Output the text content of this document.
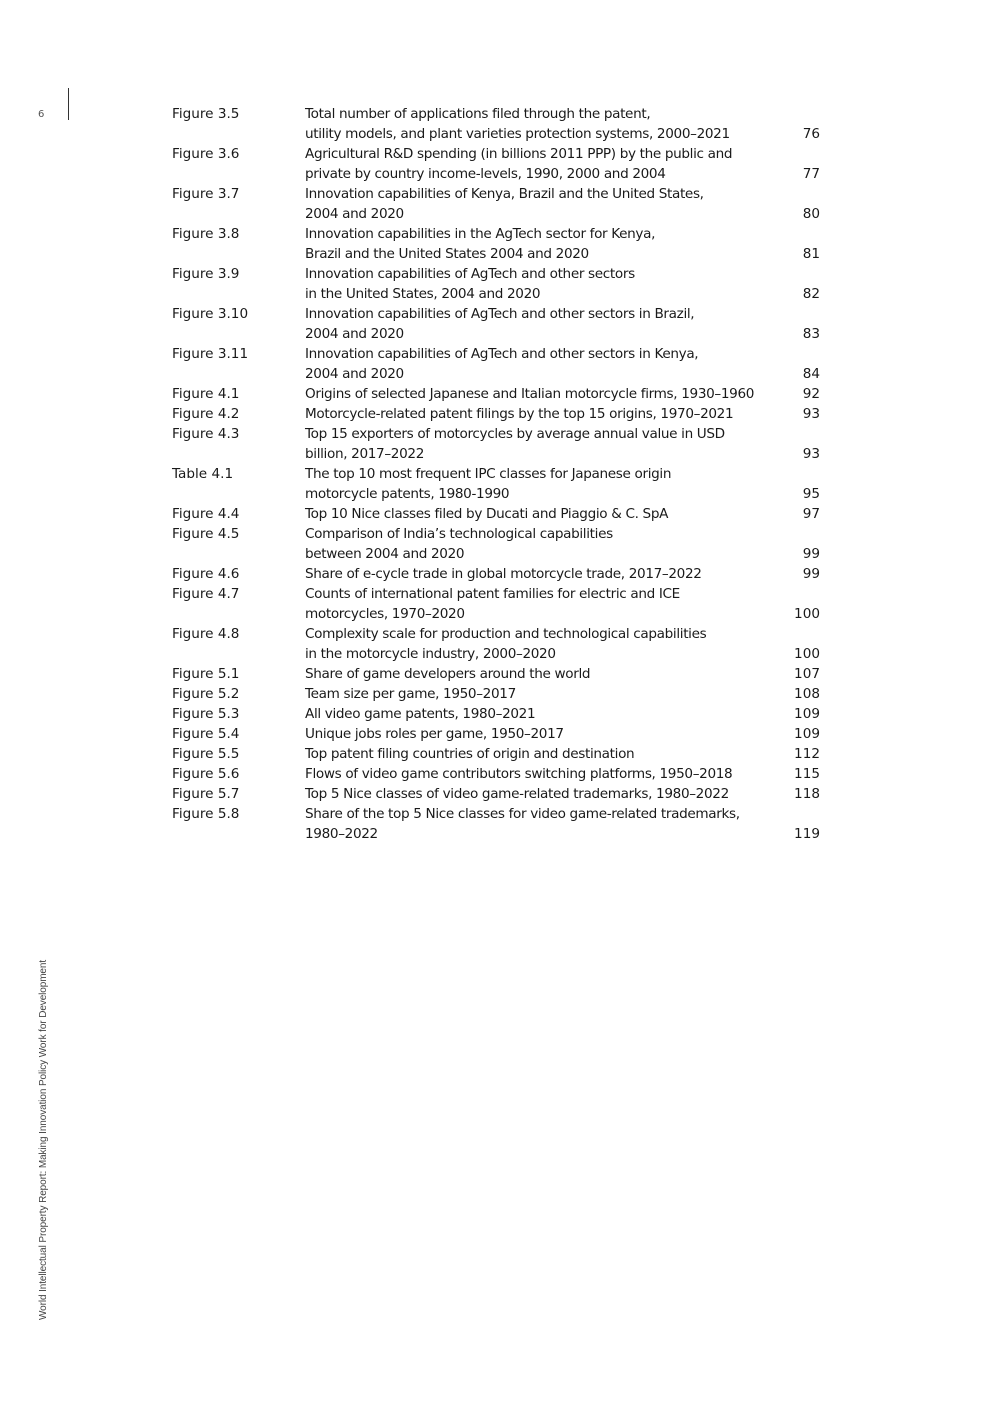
6
World Intellectual Property Report: Making Innovation Policy Work for Development
Figure 3.5	Total number of applications filed through the patent,
utility models, and plant varieties protection systems, 2000–2021	76
Figure 3.6	Agricultural R&D spending (in billions 2011 PPP) by the public and
private by country income-levels, 1990, 2000 and 2004	77
Figure 3.7	Innovation capabilities of Kenya, Brazil and the United States,
2004 and 2020	80
Figure 3.8	Innovation capabilities in the AgTech sector for Kenya,
Brazil and the United States 2004 and 2020	81
Figure 3.9	Innovation capabilities of AgTech and other sectors
in the United States, 2004 and 2020	82
Figure 3.10	Innovation capabilities of AgTech and other sectors in Brazil,
2004 and 2020	83
Figure 3.11	Innovation capabilities of AgTech and other sectors in Kenya,
2004 and 2020	84
Figure 4.1	Origins of selected Japanese and Italian motorcycle firms, 1930–1960	92
Figure 4.2	Motorcycle-related patent filings by the top 15 origins, 1970–2021	93
Figure 4.3	Top 15 exporters of motorcycles by average annual value in USD
billion, 2017–2022	93
Table 4.1	The top 10 most frequent IPC classes for Japanese origin
motorcycle patents, 1980-1990	95
Figure 4.4	Top 10 Nice classes filed by Ducati and Piaggio & C. SpA	97
Figure 4.5	Comparison of India’s technological capabilities
between 2004 and 2020	99
Figure 4.6	Share of e-cycle trade in global motorcycle trade, 2017–2022	99
Figure 4.7	Counts of international patent families for electric and ICE
motorcycles, 1970–2020	100
Figure 4.8	Complexity scale for production and technological capabilities
in the motorcycle industry, 2000–2020	100
Figure 5.1	Share of game developers around the world	107
Figure 5.2	Team size per game, 1950–2017	108
Figure 5.3	All video game patents, 1980–2021	109
Figure 5.4	Unique jobs roles per game, 1950–2017	109
Figure 5.5	Top patent filing countries of origin and destination	112
Figure 5.6	Flows of video game contributors switching platforms, 1950–2018	115
Figure 5.7	Top 5 Nice classes of video game-related trademarks, 1980–2022	118
Figure 5.8	Share of the top 5 Nice classes for video game-related trademarks,
1980–2022	119
